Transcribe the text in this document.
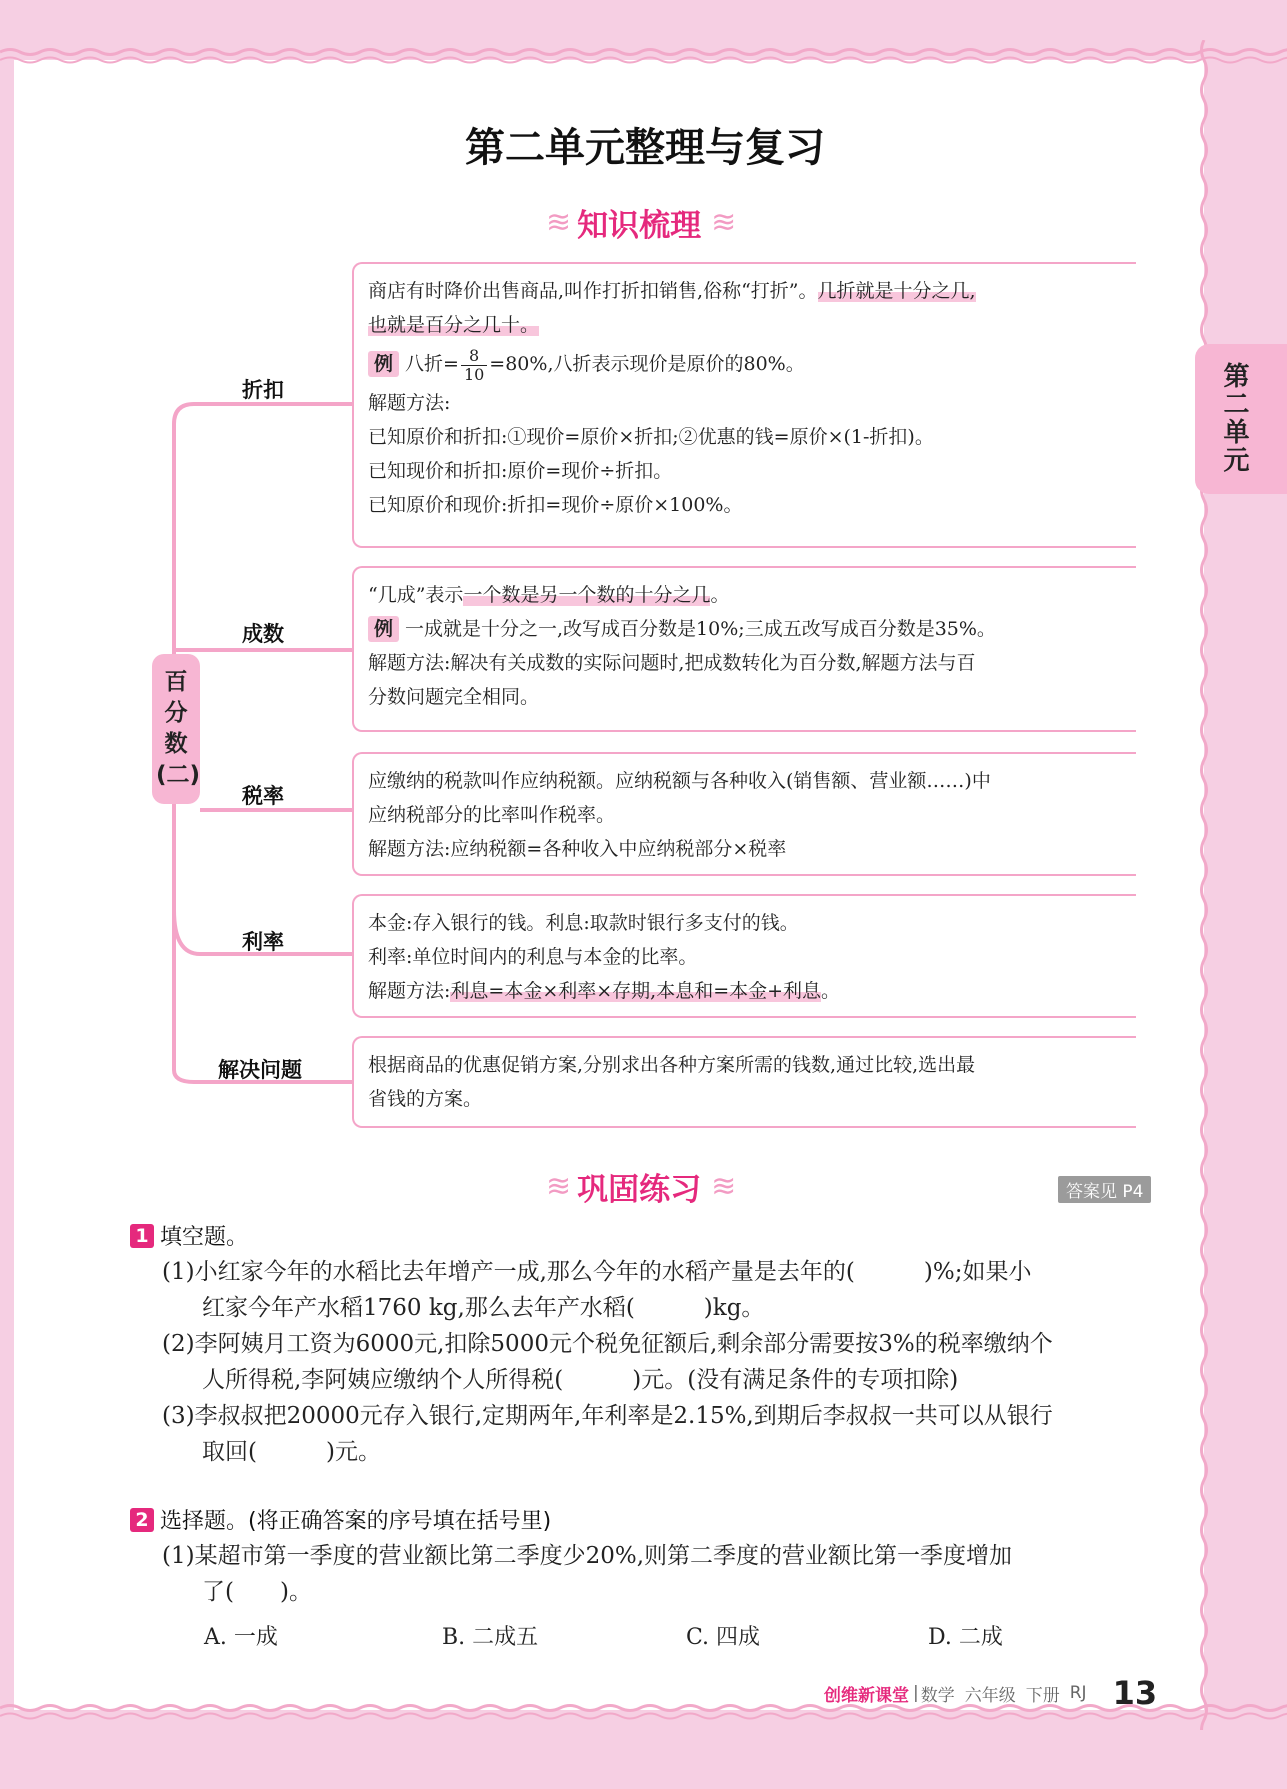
第二单元
第二单元整理与复习
≋ 知识梳理 ≋
百分数(二)
折扣
成数
税率
利率
解决问题

商店有时降价出售商品,叫作打折扣销售,俗称“打折”。几折就是十分之几,

也就是百分之几十。

例 八折= $\frac{8}{10} =80\%$,八折表示现价是原价的80%。

解题方法:

已知原价和折扣:①现价=原价×折扣;②优惠的钱=原价×(1-折扣)。

已知现价和折扣:原价=现价÷折扣。

已知原价和现价:折扣=现价÷原价×100%。

“几成”表示一个数是另一个数的十分之几。

例 一成就是十分之一,改写成百分数是10%;三成五改写成百分数是35%。

解题方法:解决有关成数的实际问题时,把成数转化为百分数,解题方法与百

分数问题完全相同。

应缴纳的税款叫作应纳税额。应纳税额与各种收入(销售额、营业额……)中

应纳税部分的比率叫作税率。

解题方法:应纳税额=各种收入中应纳税部分×税率

本金:存入银行的钱。利息:取款时银行多支付的钱。

利率:单位时间内的利息与本金的比率。

解题方法:利息=本金×利率×存期,本息和=本金+利息。

根据商品的优惠促销方案,分别求出各种方案所需的钱数,通过比较,选出最

省钱的方案。

≋ 巩固练习 ≋	答案见 P4
1 填空题。
(1)小红家今年的水稻比去年增产一成,那么今年的水稻产量是去年的(　　　)%;如果小
红家今年产水稻1760 kg,那么去年产水稻(　　　)kg。
(2)李阿姨月工资为6000元,扣除5000元个税免征额后,剩余部分需要按3%的税率缴纳个
人所得税,李阿姨应缴纳个人所得税(　　　)元。(没有满足条件的专项扣除)
(3)李叔叔把20000元存入银行,定期两年,年利率是2.15%,到期后李叔叔一共可以从银行
取回(　　　)元。
2 选择题。(将正确答案的序号填在括号里)
(1)某超市第一季度的营业额比第二季度少20%,则第二季度的营业额比第一季度增加
了(　　)。
A. 一成	B. 二成五	C. 四成	D. 二成
创维新课堂 | 数学 六年级 下册 RJ 13
